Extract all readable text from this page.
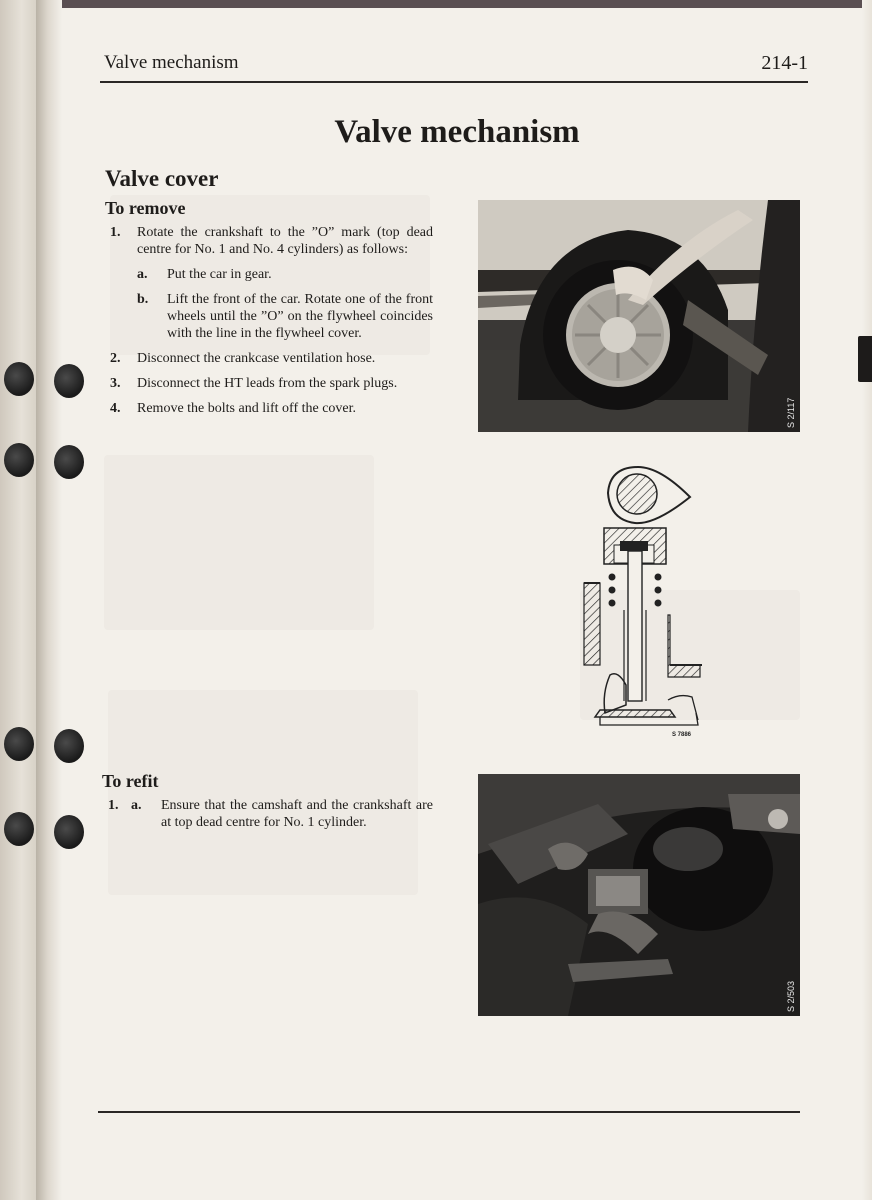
Valve mechanism	214-1
Valve mechanism
Valve cover
To remove
1. Rotate the crankshaft to the ”O” mark (top dead centre for No. 1 and No. 4 cylinders) as follows:
a. Put the car in gear.
b. Lift the front of the car. Rotate one of the front wheels until the ”O” on the flywheel coincides with the line in the flywheel cover.
2. Disconnect the crankcase ventilation hose.
3. Disconnect the HT leads from the spark plugs.
4. Remove the bolts and lift off the cover.	S 2/117
S 7886
To refit
1. a. Ensure that the camshaft and the crankshaft are at top dead centre for No. 1 cylinder.
S 2/503
